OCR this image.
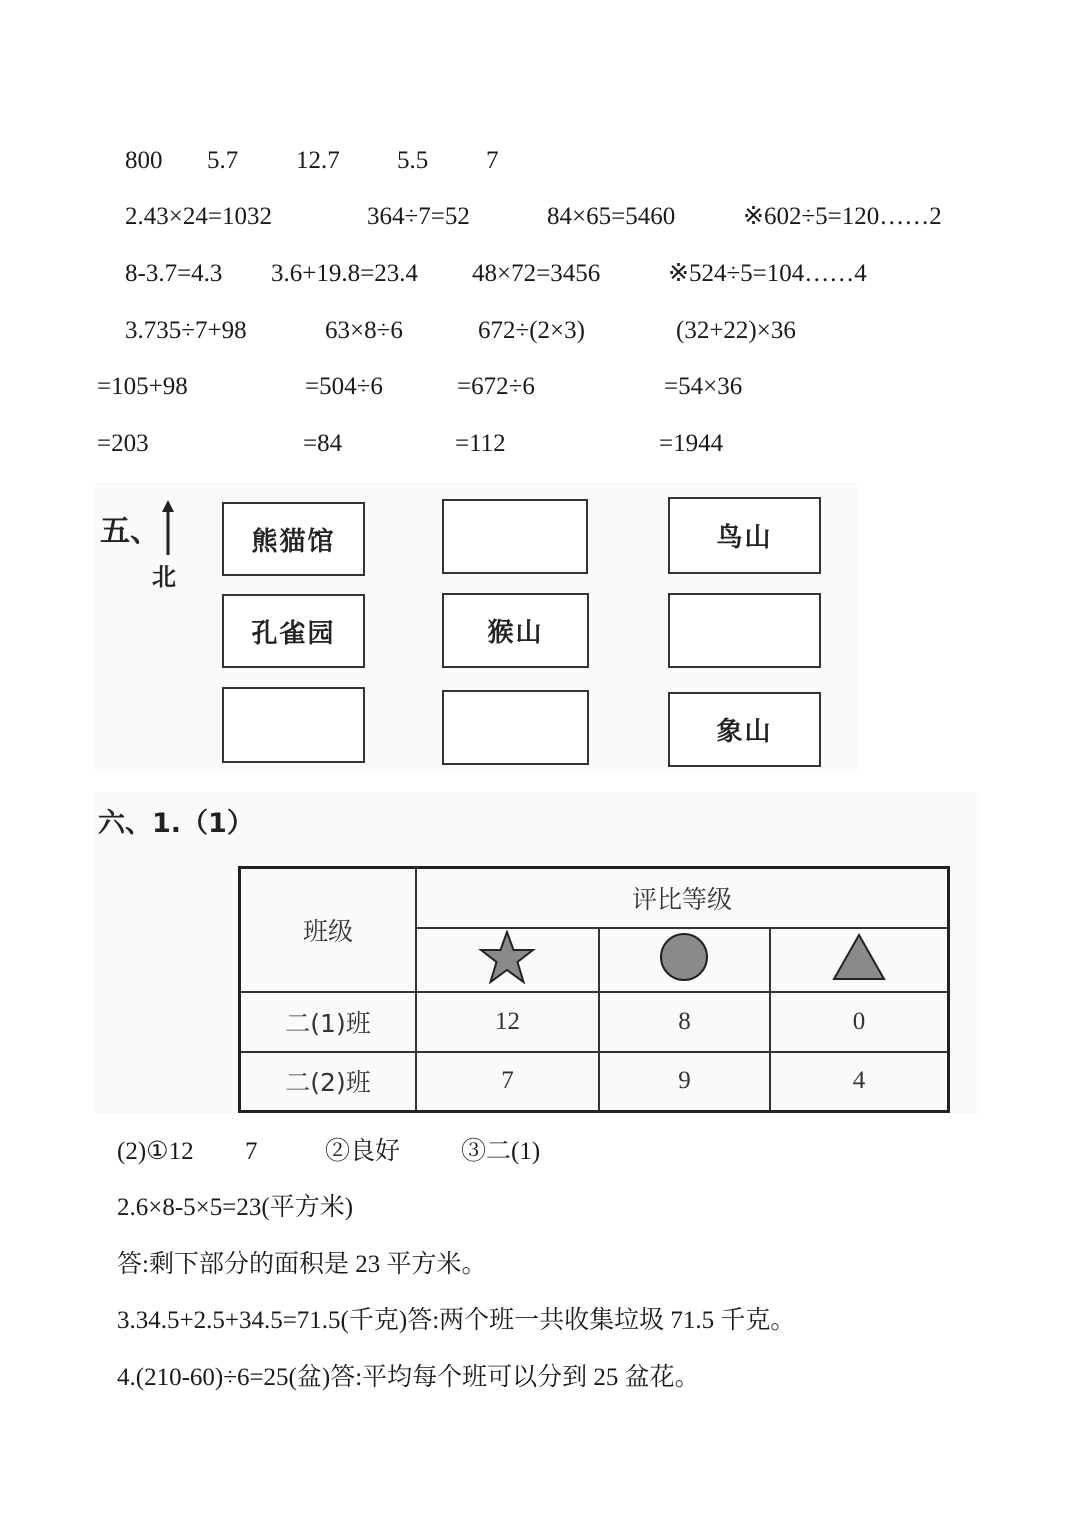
800 5.7 12.7 5.5 7
2.43×24=1032	364÷7=52	84×65=5460	※602÷5=120……2
8-3.7=4.3 3.6+19.8=23.4 48×72=3456	※524÷5=104……4
3.735÷7+98	63×8÷6	672÷(2×3)	(32+22)×36
=105+98	=504÷6	=672÷6	=54×36
=203	=84	=112	=1944
五、
北
熊猫馆	鸟山
孔雀园	猴山
象山
六、1.（1）
班级	评比等级		

二(1)班	12	8	0
二(2)班	7	9	4
(2)①12 7	②良好 ③二(1)
2.6×8-5×5=23(平方米)
答:剩下部分的面积是 23 平方米。
3.34.5+2.5+34.5=71.5(千克)答:两个班一共收集垃圾 71.5 千克。
4.(210-60)÷6=25(盆)答:平均每个班可以分到 25 盆花。
